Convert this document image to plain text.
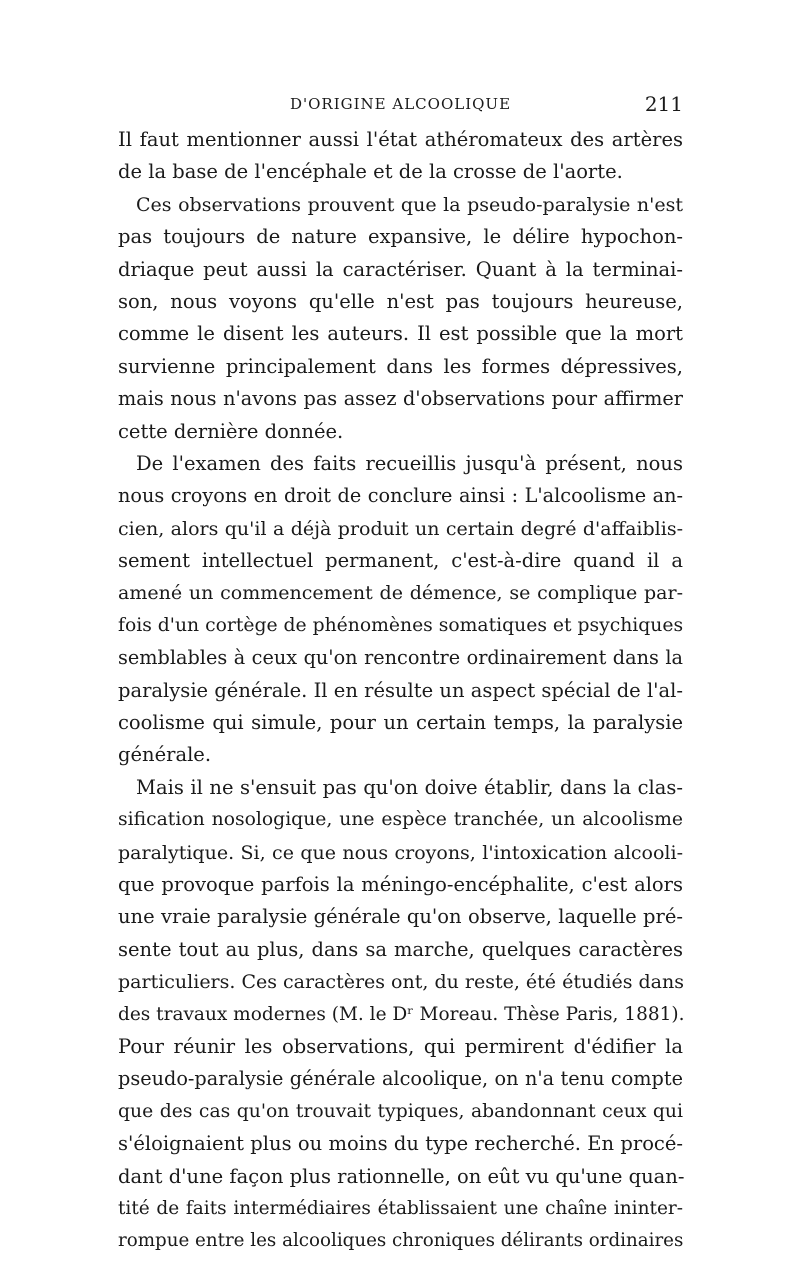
D'ORIGINE ALCOOLIQUE	211
Il faut mentionner aussi l'état athéromateux des artères
de la base de l'encéphale et de la crosse de l'aorte.
Ces observations prouvent que la pseudo-paralysie n'est
pas toujours de nature expansive, le délire hypochon-
driaque peut aussi la caractériser. Quant à la terminai-
son, nous voyons qu'elle n'est pas toujours heureuse,
comme le disent les auteurs. Il est possible que la mort
survienne principalement dans les formes dépressives,
mais nous n'avons pas assez d'observations pour affirmer
cette dernière donnée.
De l'examen des faits recueillis jusqu'à présent, nous
nous croyons en droit de conclure ainsi : L'alcoolisme an-
cien, alors qu'il a déjà produit un certain degré d'affaiblis-
sement intellectuel permanent, c'est-à-dire quand il a
amené un commencement de démence, se complique par-
fois d'un cortège de phénomènes somatiques et psychiques
semblables à ceux qu'on rencontre ordinairement dans la
paralysie générale. Il en résulte un aspect spécial de l'al-
coolisme qui simule, pour un certain temps, la paralysie
générale.
Mais il ne s'ensuit pas qu'on doive établir, dans la clas-
sification nosologique, une espèce tranchée, un alcoolisme
paralytique. Si, ce que nous croyons, l'intoxication alcooli-
que provoque parfois la méningo-encéphalite, c'est alors
une vraie paralysie générale qu'on observe, laquelle pré-
sente tout au plus, dans sa marche, quelques caractères
particuliers. Ces caractères ont, du reste, été étudiés dans
des travaux modernes (M. le Dʳ Moreau. Thèse Paris, 1881).
Pour réunir les observations, qui permirent d'édifier la
pseudo-paralysie générale alcoolique, on n'a tenu compte
que des cas qu'on trouvait typiques, abandonnant ceux qui
s'éloignaient plus ou moins du type recherché. En procé-
dant d'une façon plus rationnelle, on eût vu qu'une quan-
tité de faits intermédiaires établissaient une chaîne ininter-
rompue entre les alcooliques chroniques délirants ordinaires
